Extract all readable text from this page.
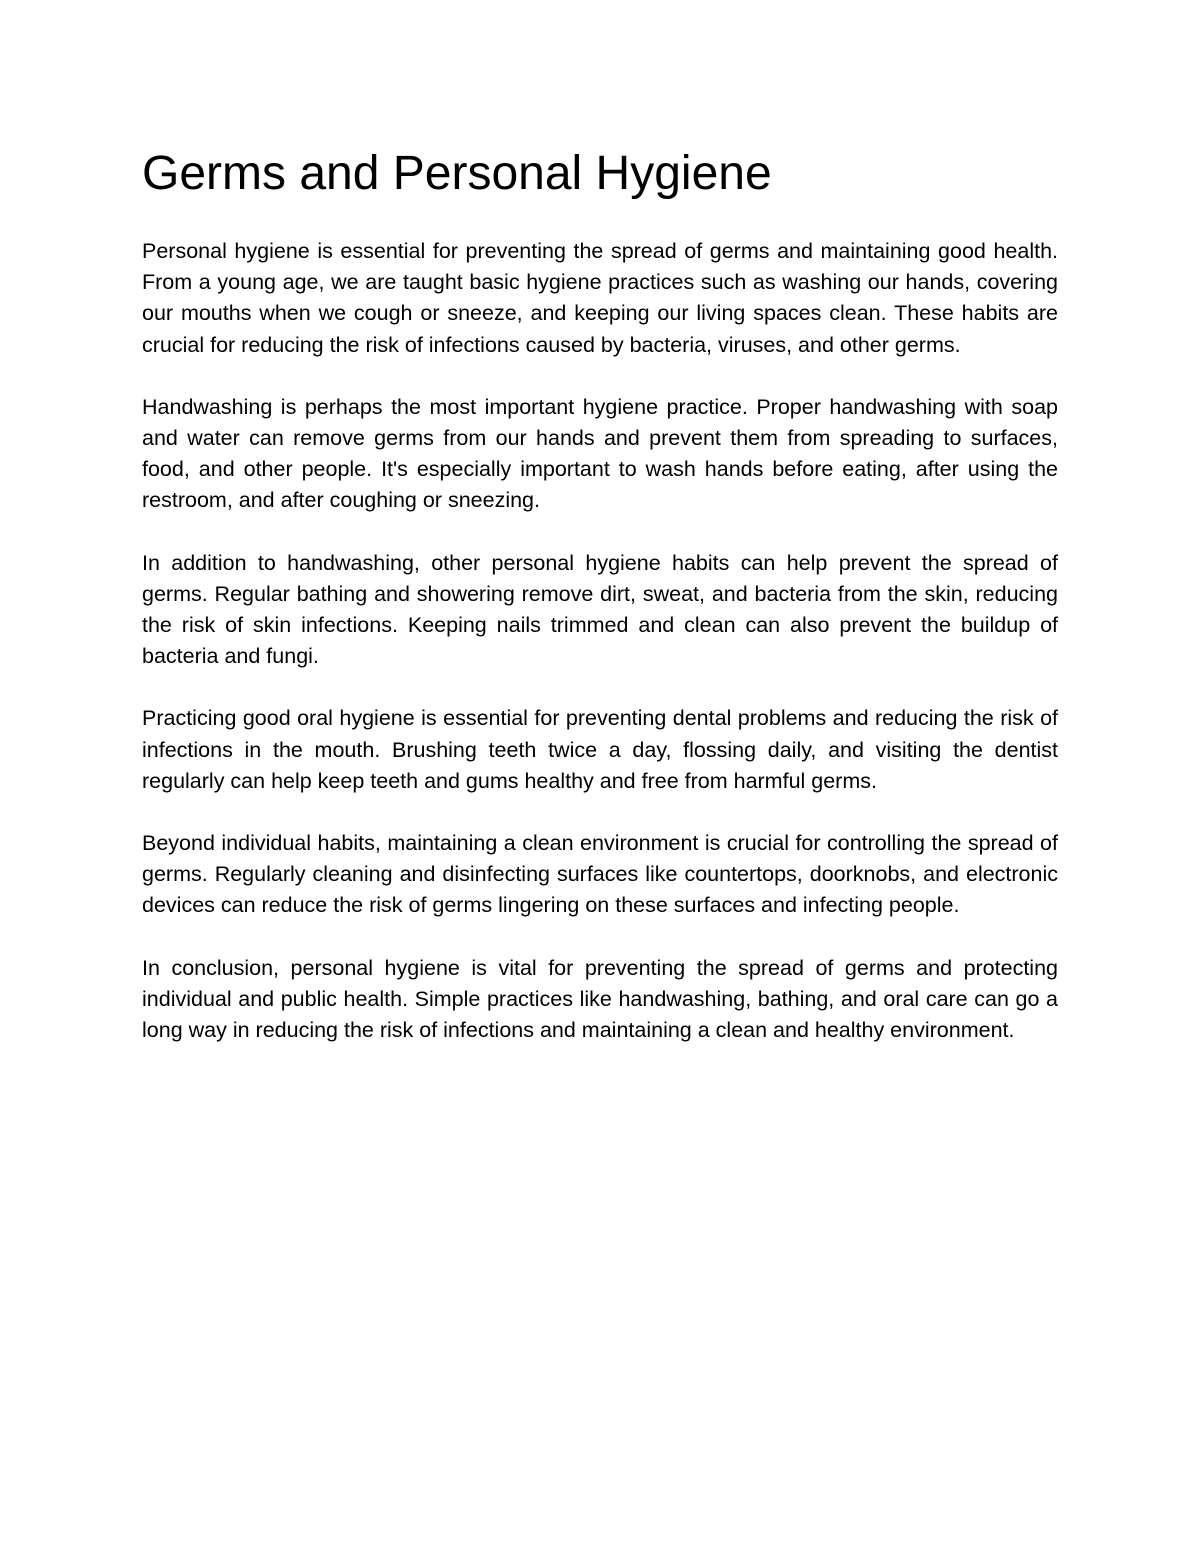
Germs and Personal Hygiene

Personal hygiene is essential for preventing the spread of germs and maintaining good health. From a young age, we are taught basic hygiene practices such as washing our hands, covering our mouths when we cough or sneeze, and keeping our living spaces clean. These habits are crucial for reducing the risk of infections caused by bacteria, viruses, and other germs.

Handwashing is perhaps the most important hygiene practice. Proper handwashing with soap and water can remove germs from our hands and prevent them from spreading to surfaces, food, and other people. It's especially important to wash hands before eating, after using the restroom, and after coughing or sneezing.

In addition to handwashing, other personal hygiene habits can help prevent the spread of germs. Regular bathing and showering remove dirt, sweat, and bacteria from the skin, reducing the risk of skin infections. Keeping nails trimmed and clean can also prevent the buildup of bacteria and fungi.

Practicing good oral hygiene is essential for preventing dental problems and reducing the risk of infections in the mouth. Brushing teeth twice a day, flossing daily, and visiting the dentist regularly can help keep teeth and gums healthy and free from harmful germs.

Beyond individual habits, maintaining a clean environment is crucial for controlling the spread of germs. Regularly cleaning and disinfecting surfaces like countertops, doorknobs, and electronic devices can reduce the risk of germs lingering on these surfaces and infecting people.

In conclusion, personal hygiene is vital for preventing the spread of germs and protecting individual and public health. Simple practices like handwashing, bathing, and oral care can go a long way in reducing the risk of infections and maintaining a clean and healthy environment.
